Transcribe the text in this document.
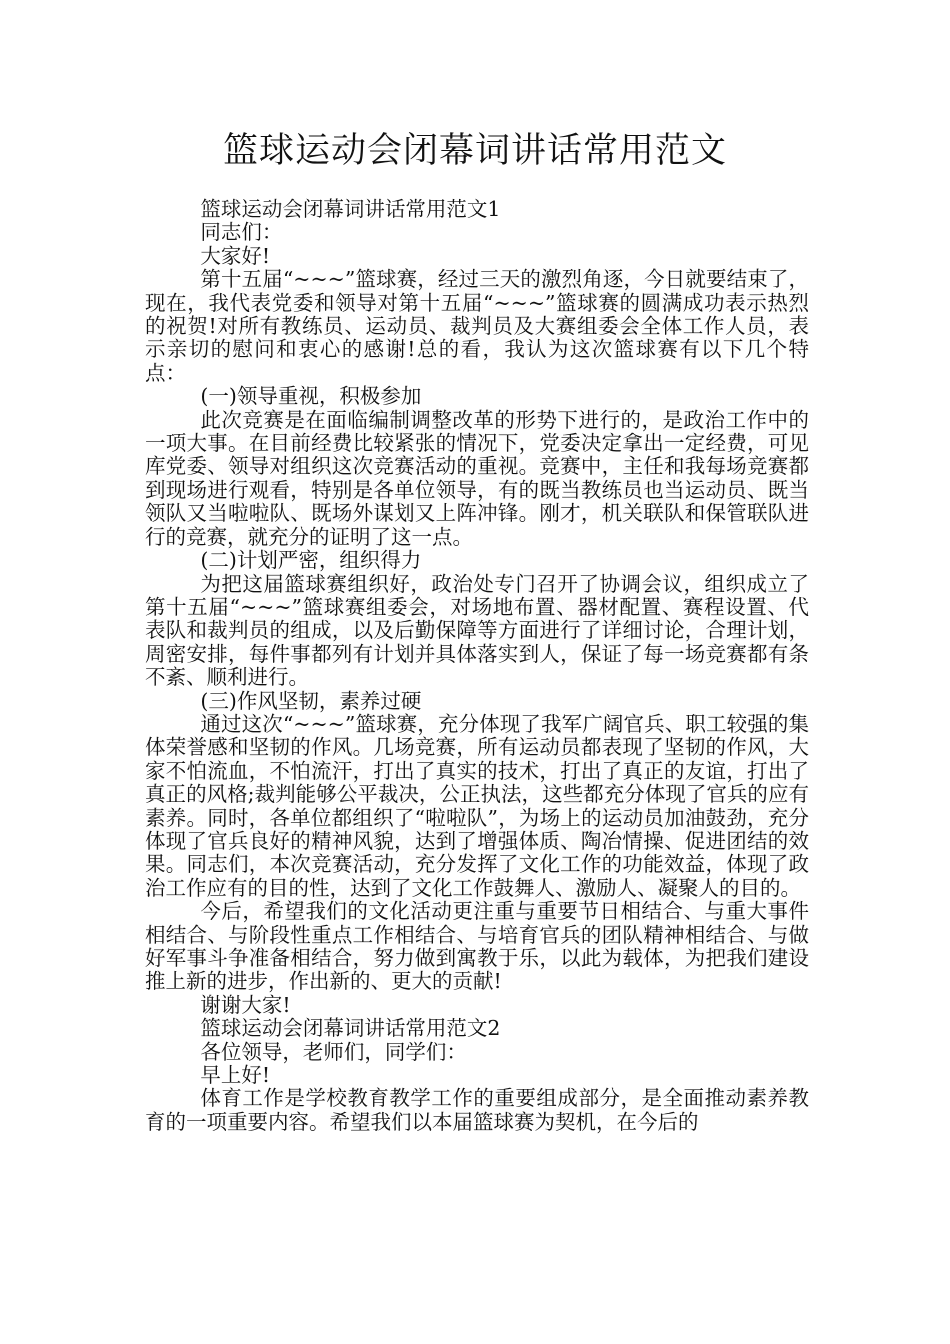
篮球运动会闭幕词讲话常用范文

篮球运动会闭幕词讲话常用范文1

同志们：

大家好!

第十五届“~~~”篮球赛，经过三天的激烈角逐，今日就要结束了，现在，我代表党委和领导对第十五届“~~~”篮球赛的圆满成功表示热烈的祝贺!对所有教练员、运动员、裁判员及大赛组委会全体工作人员，表示亲切的慰问和衷心的感谢!总的看，我认为这次篮球赛有以下几个特点：

(一)领导重视，积极参加

此次竞赛是在面临编制调整改革的形势下进行的，是政治工作中的一项大事。在目前经费比较紧张的情况下，党委决定拿出一定经费，可见库党委、领导对组织这次竞赛活动的重视。竞赛中，主任和我每场竞赛都到现场进行观看，特别是各单位领导，有的既当教练员也当运动员、既当领队又当啦啦队、既场外谋划又上阵冲锋。刚才，机关联队和保管联队进行的竞赛，就充分的证明了这一点。

(二)计划严密，组织得力

为把这届篮球赛组织好，政治处专门召开了协调会议，组织成立了第十五届“~~~”篮球赛组委会，对场地布置、器材配置、赛程设置、代表队和裁判员的组成，以及后勤保障等方面进行了详细讨论，合理计划，周密安排，每件事都列有计划并具体落实到人，保证了每一场竞赛都有条不紊、顺利进行。

(三)作风坚韧，素养过硬

通过这次“~~~”篮球赛，充分体现了我军广阔官兵、职工较强的集体荣誉感和坚韧的作风。几场竞赛，所有运动员都表现了坚韧的作风，大家不怕流血，不怕流汗，打出了真实的技术，打出了真正的友谊，打出了真正的风格;裁判能够公平裁决，公正执法，这些都充分体现了官兵的应有素养。同时，各单位都组织了“啦啦队”，为场上的运动员加油鼓劲，充分体现了官兵良好的精神风貌，达到了增强体质、陶冶情操、促进团结的效果。同志们，本次竞赛活动，充分发挥了文化工作的功能效益，体现了政治工作应有的目的性，达到了文化工作鼓舞人、激励人、凝聚人的目的。

今后，希望我们的文化活动更注重与重要节日相结合、与重大事件相结合、与阶段性重点工作相结合、与培育官兵的团队精神相结合、与做好军事斗争准备相结合，努力做到寓教于乐，以此为载体，为把我们建设推上新的进步，作出新的、更大的贡献!

谢谢大家!

篮球运动会闭幕词讲话常用范文2

各位领导，老师们，同学们：

早上好!

体育工作是学校教育教学工作的重要组成部分，是全面推动素养教育的一项重要内容。希望我们以本届篮球赛为契机，在今后的
